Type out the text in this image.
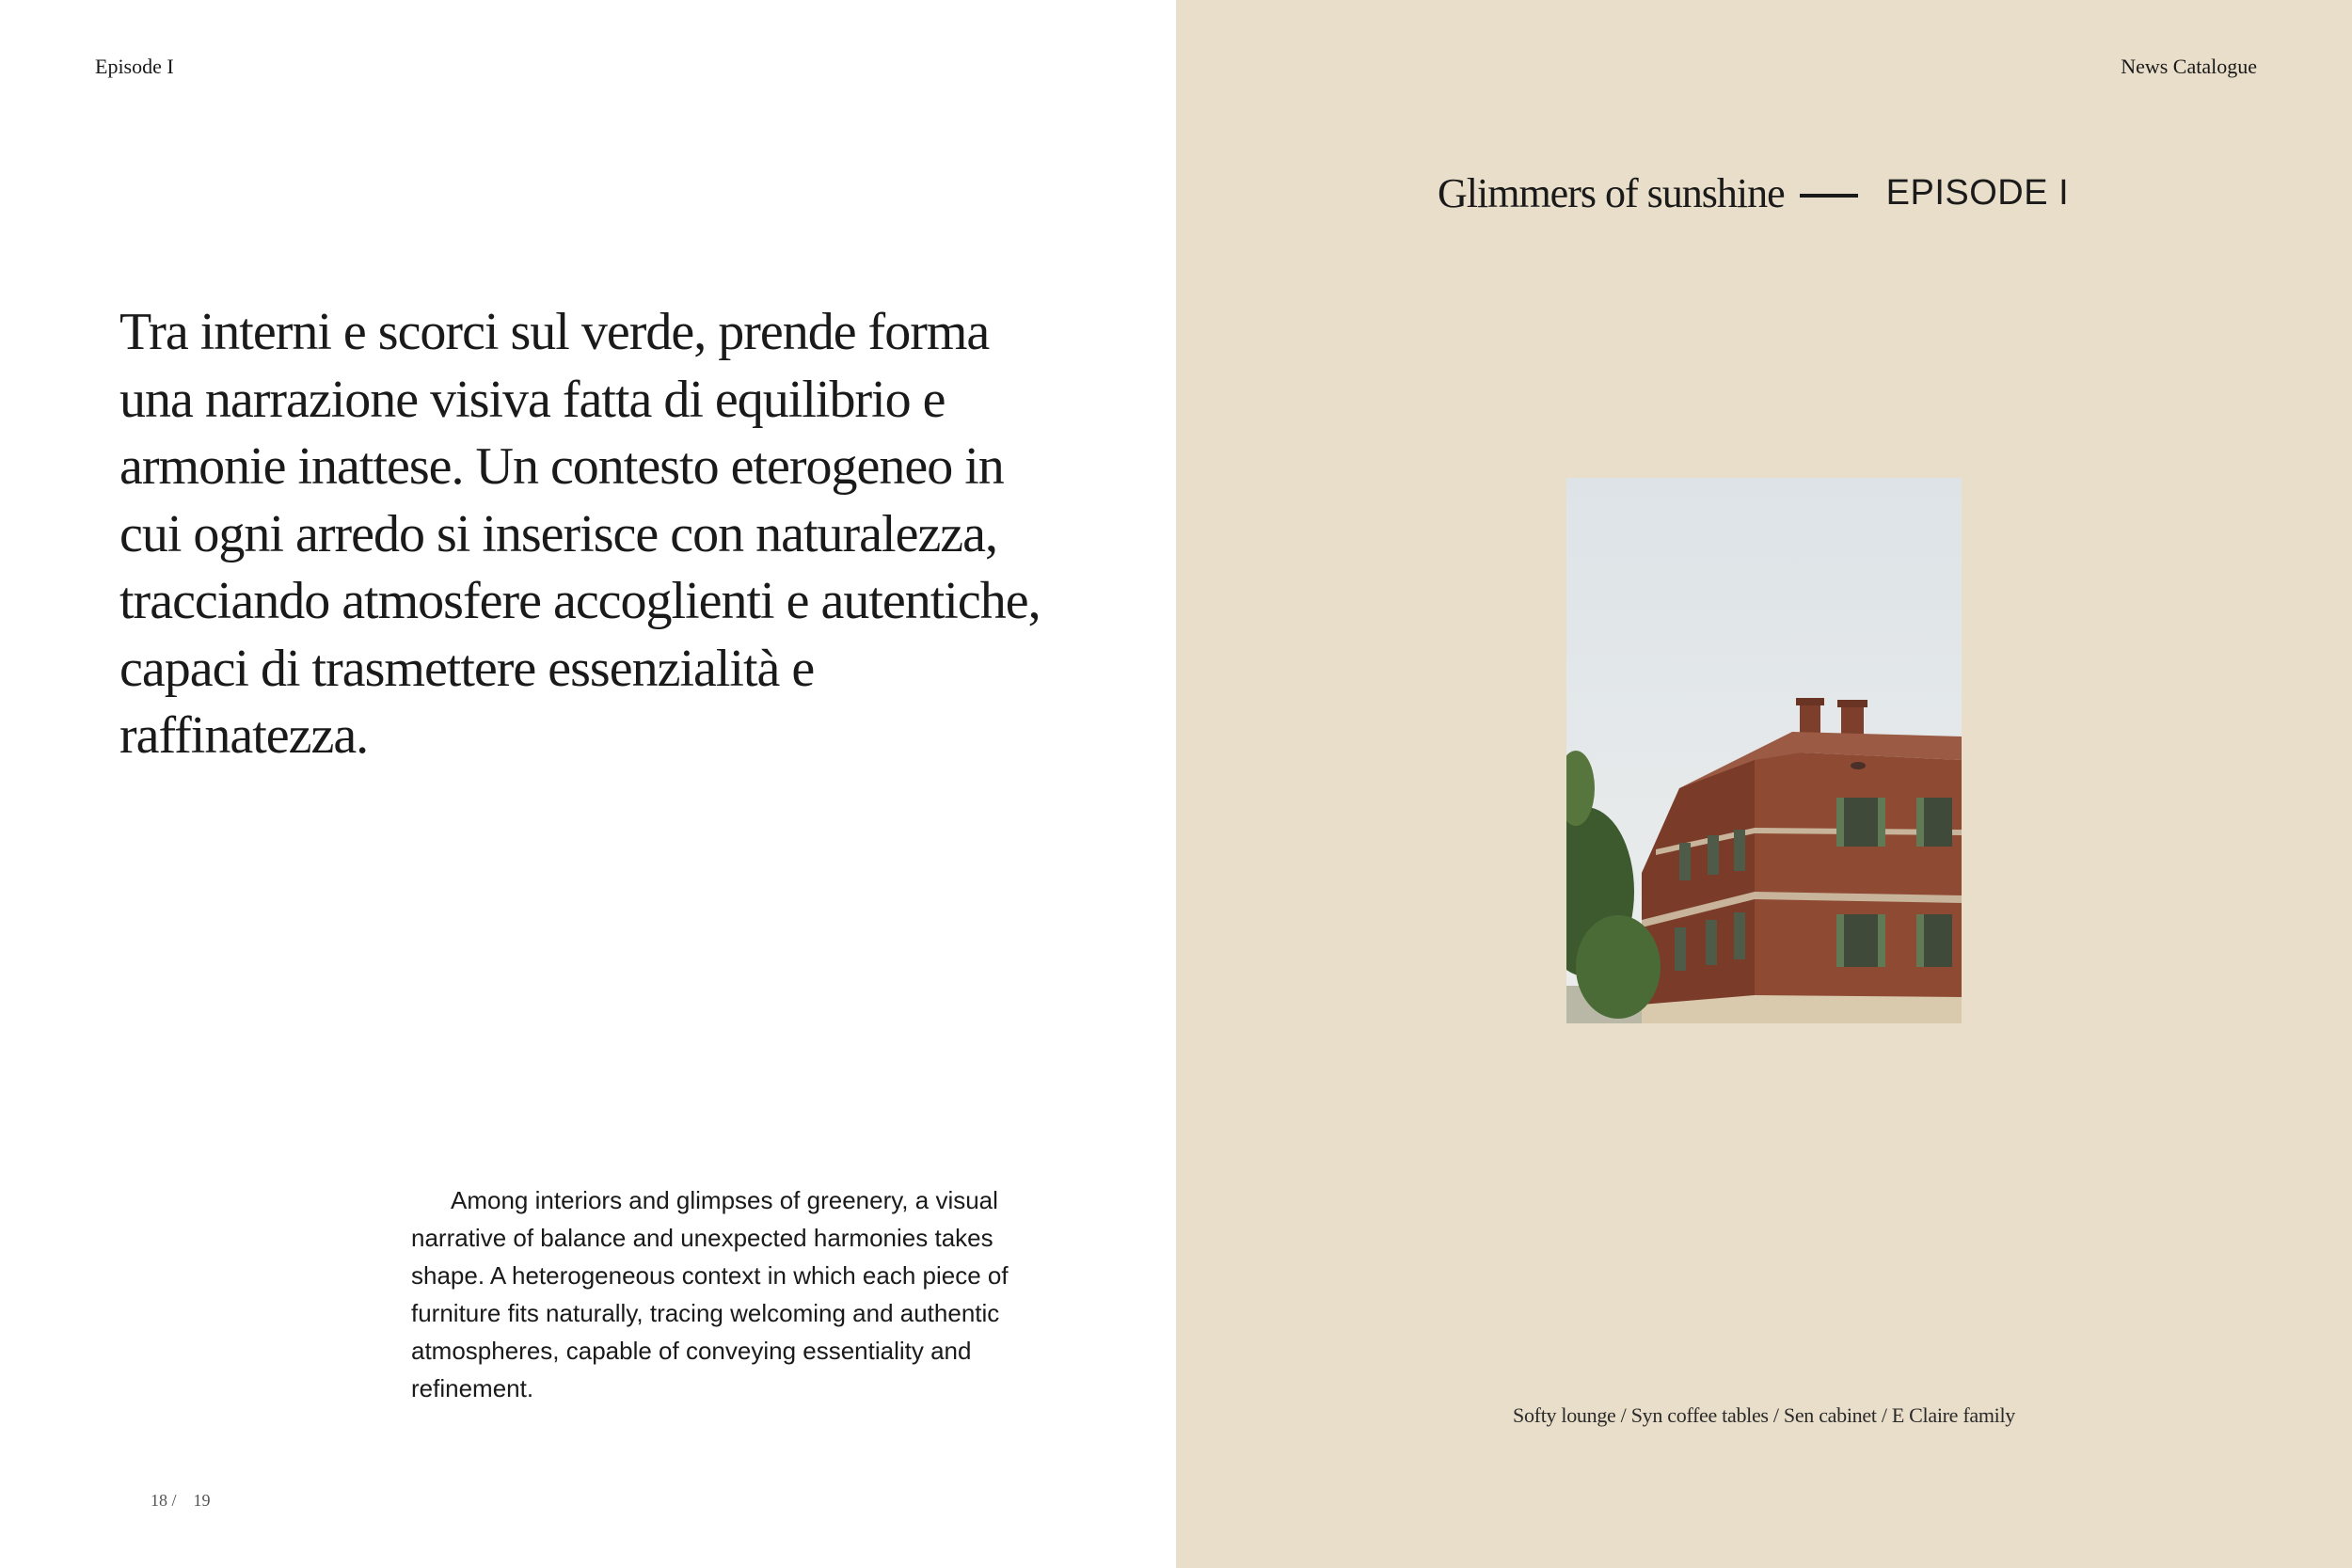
Episode I

Tra interni e scorci sul verde, prende forma una narrazione visiva fatta di equilibrio e armonie inattese. Un contesto eterogeneo in cui ogni arredo si inserisce con naturalezza, tracciando atmosfere accoglienti e autentiche, capaci di trasmettere essenzialità e raffinatezza.

Among interiors and glimpses of greenery, a visual narrative of balance and unexpected harmonies takes shape. A heterogeneous context in which each piece of furniture fits naturally, tracing welcoming and authentic atmospheres, capable of conveying essentiality and refinement.

18 / 19
News Catalogue
Glimmers of sunshine	EPISODE I
Softy lounge / Syn coffee tables / Sen cabinet / E Claire family
